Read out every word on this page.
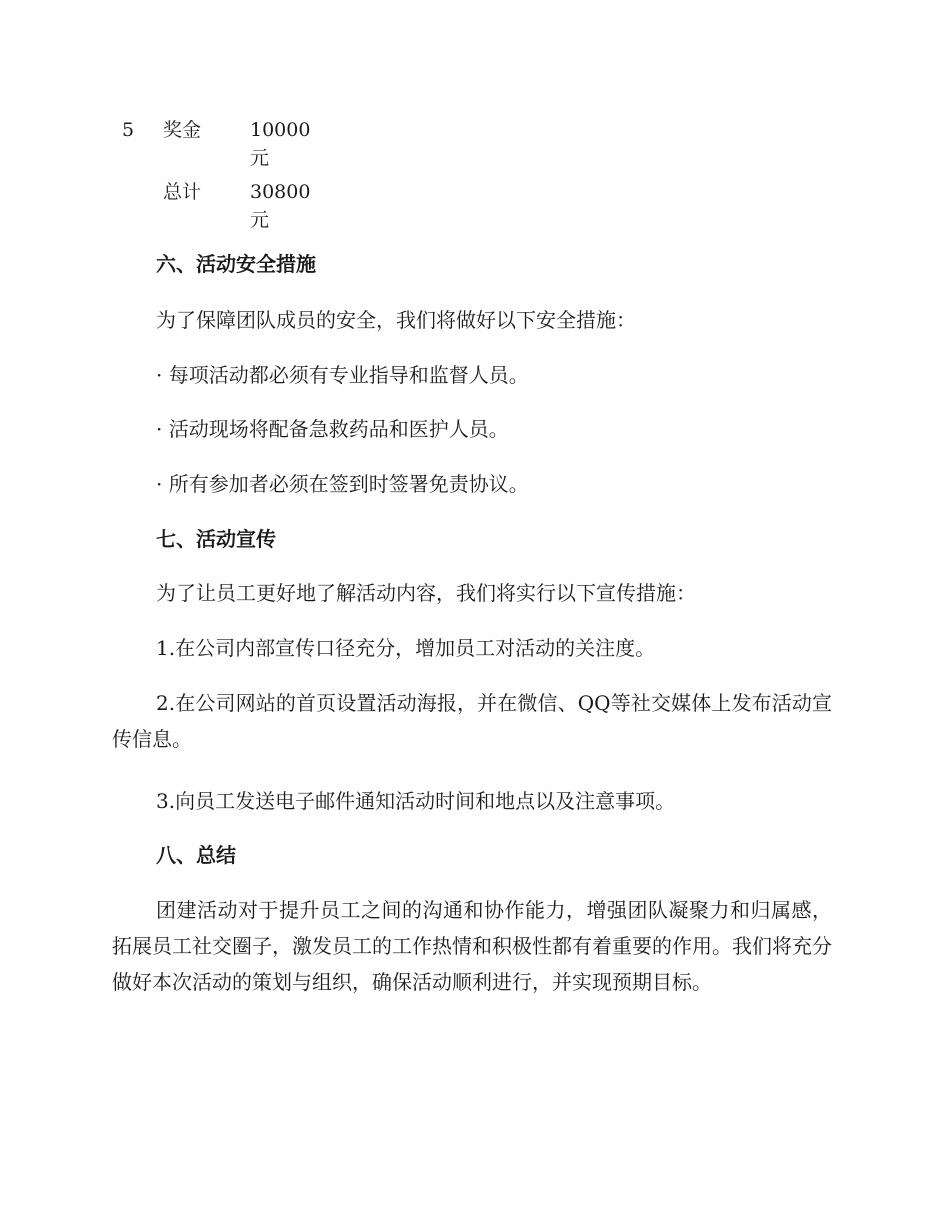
5 奖金	10000
元
总计	30800
元
六、活动安全措施
为了保障团队成员的安全，我们将做好以下安全措施：
· 每项活动都必须有专业指导和监督人员。
· 活动现场将配备急救药品和医护人员。
· 所有参加者必须在签到时签署免责协议。
七、活动宣传
为了让员工更好地了解活动内容，我们将实行以下宣传措施：
1.在公司内部宣传口径充分，增加员工对活动的关注度。

2.在公司网站的首页设置活动海报，并在微信、QQ等社交媒体上发布活动宣传信息。

3.向员工发送电子邮件通知活动时间和地点以及注意事项。
八、总结

团建活动对于提升员工之间的沟通和协作能力，增强团队凝聚力和归属感，拓展员工社交圈子，激发员工的工作热情和积极性都有着重要的作用。我们将充分做好本次活动的策划与组织，确保活动顺利进行，并实现预期目标。
